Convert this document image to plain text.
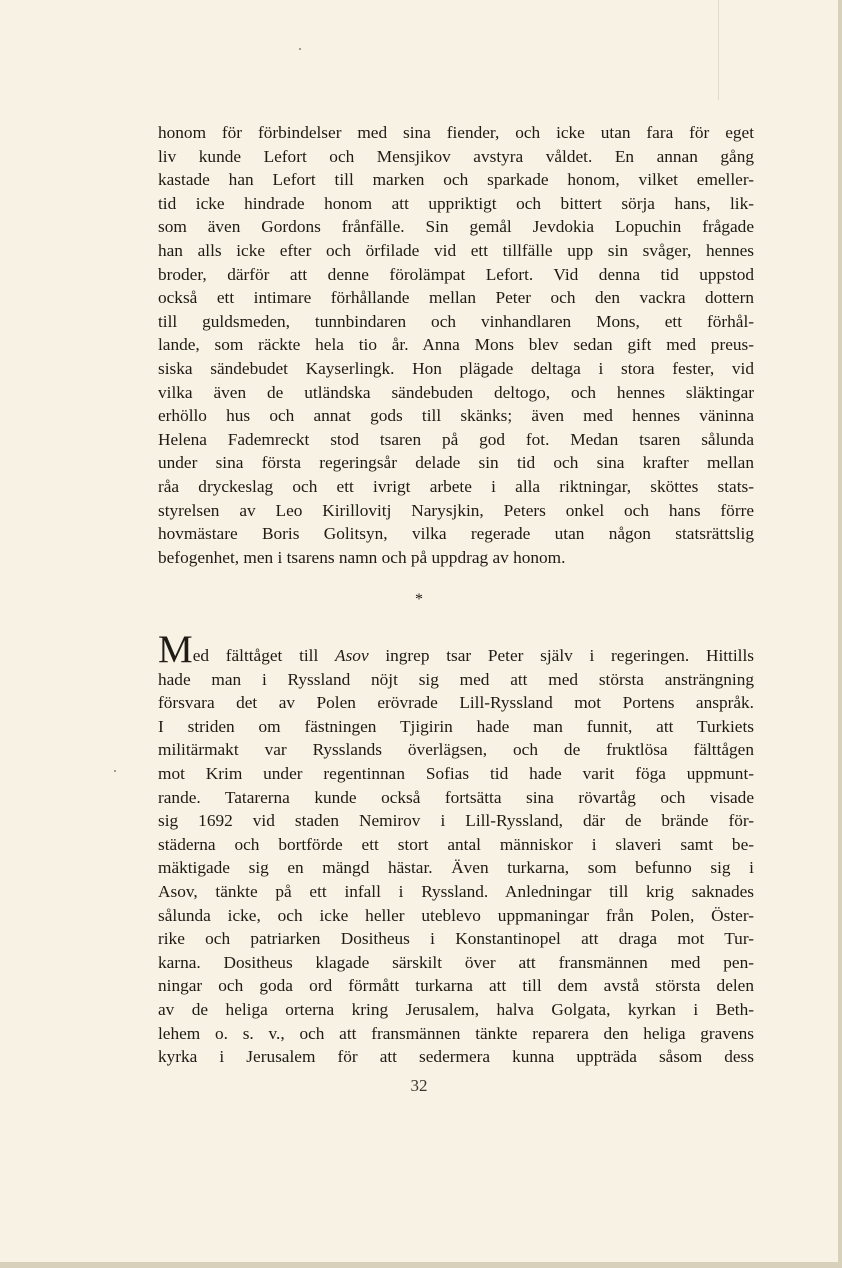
honom för förbindelser med sina fiender, och icke utan fara för eget
liv kunde Lefort och Mensjikov avstyra våldet. En annan gång
kastade han Lefort till marken och sparkade honom, vilket emeller-
tid icke hindrade honom att uppriktigt och bittert sörja hans, lik-
som även Gordons frånfälle. Sin gemål Jevdokia Lopuchin frågade
han alls icke efter och örfilade vid ett tillfälle upp sin svåger, hennes
broder, därför att denne förolämpat Lefort. Vid denna tid uppstod
också ett intimare förhållande mellan Peter och den vackra dottern
till guldsmeden, tunnbindaren och vinhandlaren Mons, ett förhål-
lande, som räckte hela tio år. Anna Mons blev sedan gift med preus-
siska sändebudet Kayserlingk. Hon plägade deltaga i stora fester, vid
vilka även de utländska sändebuden deltogo, och hennes släktingar
erhöllo hus och annat gods till skänks; även med hennes väninna
Helena Fademreckt stod tsaren på god fot. Medan tsaren sålunda
under sina första regeringsår delade sin tid och sina krafter mellan
råa dryckeslag och ett ivrigt arbete i alla riktningar, sköttes stats-
styrelsen av Leo Kirillovitj Narysjkin, Peters onkel och hans förre
hovmästare Boris Golitsyn, vilka regerade utan någon statsrättslig
befogenhet, men i tsarens namn och på uppdrag av honom.
*
Med fälttåget till Asov ingrep tsar Peter själv i regeringen. Hittills
hade man i Ryssland nöjt sig med att med största ansträngning
försvara det av Polen erövrade Lill-Ryssland mot Portens anspråk.
I striden om fästningen Tjigirin hade man funnit, att Turkiets
militärmakt var Rysslands överlägsen, och de fruktlösa fälttågen
mot Krim under regentinnan Sofias tid hade varit föga uppmunt-
rande. Tatarerna kunde också fortsätta sina rövartåg och visade
sig 1692 vid staden Nemirov i Lill-Ryssland, där de brände för-
städerna och bortförde ett stort antal människor i slaveri samt be-
mäktigade sig en mängd hästar. Även turkarna, som befunno sig i
Asov, tänkte på ett infall i Ryssland. Anledningar till krig saknades
sålunda icke, och icke heller uteblevo uppmaningar från Polen, Öster-
rike och patriarken Dositheus i Konstantinopel att draga mot Tur-
karna. Dositheus klagade särskilt över att fransmännen med pen-
ningar och goda ord förmått turkarna att till dem avstå största delen
av de heliga orterna kring Jerusalem, halva Golgata, kyrkan i Beth-
lehem o. s. v., och att fransmännen tänkte reparera den heliga gravens
kyrka i Jerusalem för att sedermera kunna uppträda såsom dess
32
